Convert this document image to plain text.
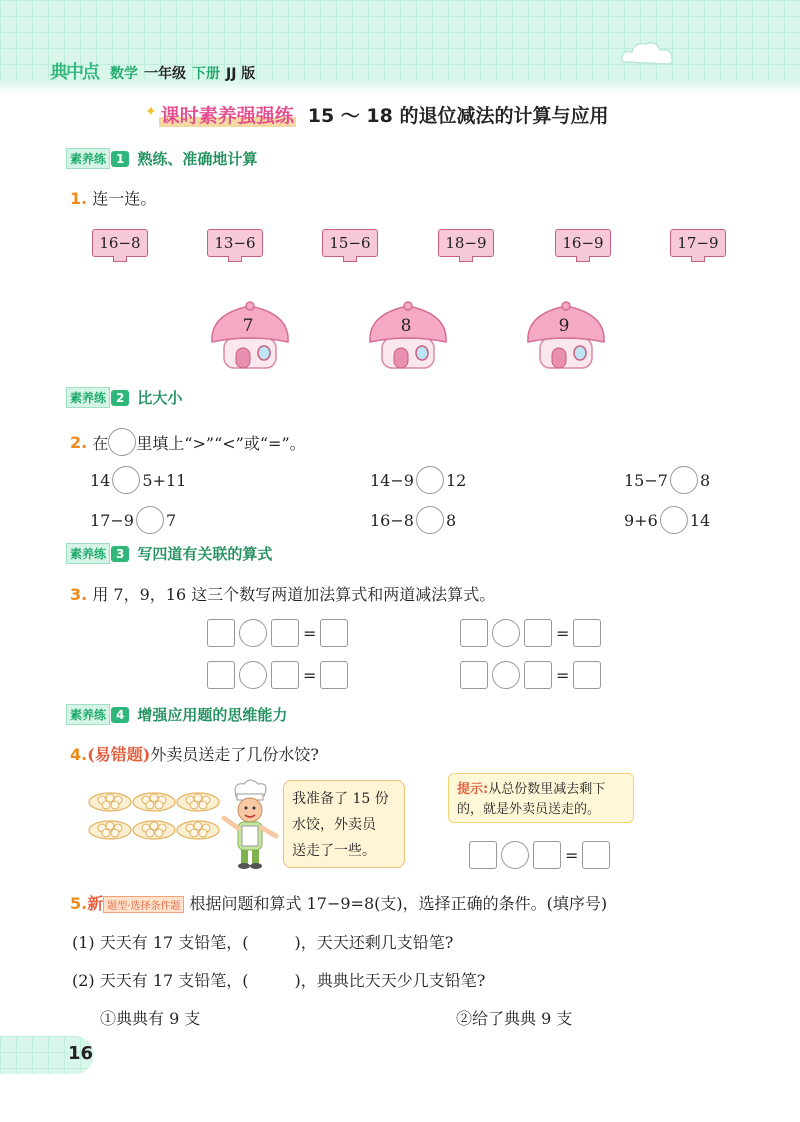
典中点 数学 一年级 下册 JJ 版
✦ 课时素养强强练 15 ～ 18 的退位减法的计算与应用
素养练 1 熟练、准确地计算
1. 连一连。
16−8	13−6	15−6	18−9	16−9	17−9
7	8	9
素养练 2 比大小
2.
在 里填上“>”“<”或“=”。
14 5+11	14−9 12	15−7 8
17−9 7	16−8 8	9+6 14
素养练 3 写四道有关联的算式
3. 用 7，9，16 这三个数写两道加法算式和两道减法算式。
=	=
=	=
素养练 4 增强应用题的思维能力
4.(易错题)外卖员送走了几份水饺?
我准备了 15 份
水饺，外卖员
送走了一些。
提示:从总份数里减去剩下的，就是外卖员送走的。
=
5.新 题型·选择条件题 根据问题和算式 17−9=8(支)，选择正确的条件。(填序号)
(1) 天天有 17 支铅笔，(	)，天天还剩几支铅笔?
(2) 天天有 17 支铅笔，(	)，典典比天天少几支铅笔?
①典典有 9 支	②给了典典 9 支
16
